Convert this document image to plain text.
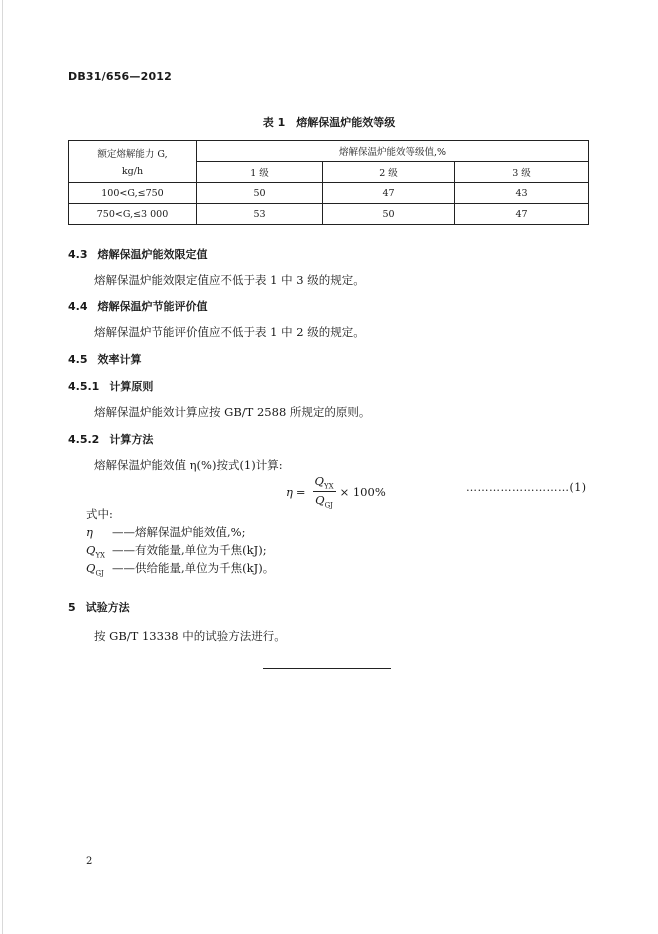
DB31/656—2012
表 1　熔解保温炉能效等级
额定熔解能力 G,
kg/h	熔解保温炉能效等级值,%		
	1 级	2 级	3 级
100<G,≤750	50	47	43
750<G,≤3 000	53	50	47
4.3 熔解保温炉能效限定值
熔解保温炉能效限定值应不低于表 1 中 3 级的规定。
4.4 熔解保温炉节能评价值
熔解保温炉节能评价值应不低于表 1 中 2 级的规定。
4.5 效率计算
4.5.1 计算原则
熔解保温炉能效计算应按 GB/T 2588 所规定的原则。
4.5.2 计算方法
熔解保温炉能效值 η(%)按式(1)计算:
$\eta = \frac{Q_{YX}}{Q_{GJ}} \times 100\%$	………………………(1)
式中:
η ——熔解保温炉能效值,%;
$Q_{YX}$ ——有效能量,单位为千焦(kJ);
$Q_{GJ}$ ——供给能量,单位为千焦(kJ)。
5 试验方法
按 GB/T 13338 中的试验方法进行。
2
